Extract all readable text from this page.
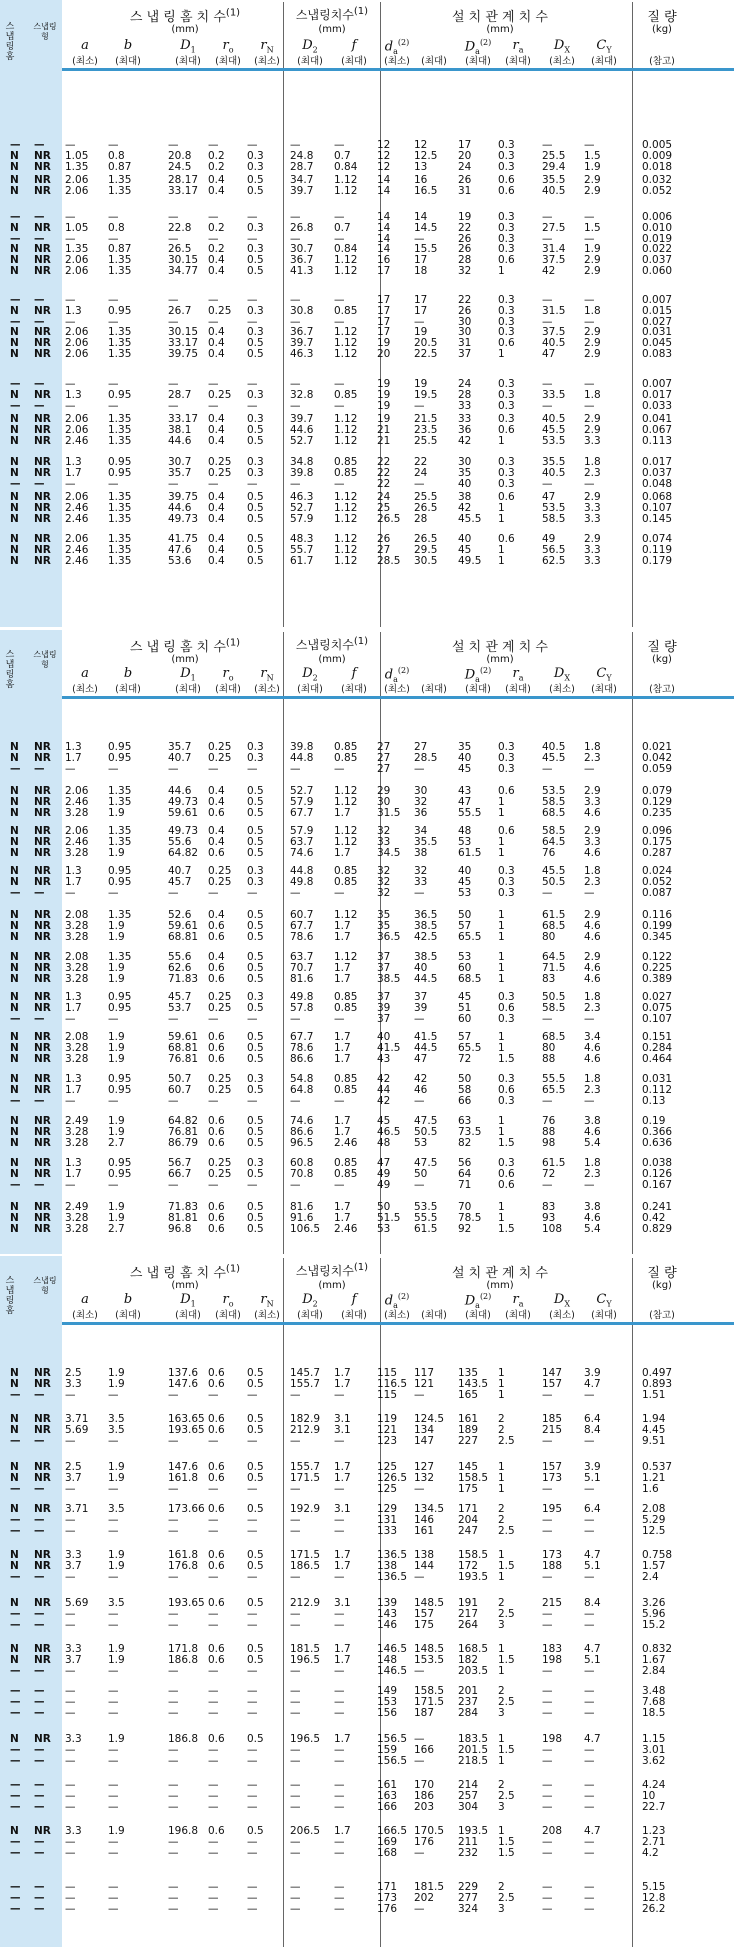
스냅링홈
스냅링형
스 냅 링 홈 치 수$^{(1)}$
(mm)
스냅링치수$^{(1)}$
(mm)
설 치 관 계 치 수
(mm)
질 량
(kg)
a
(최소)
b
(최대)
$D_1$
(최대)
$r_o$
(최대)
$r_N$
(최소)
$D_2$
(최대)
f
(최대)
$d_a^{(2)}$
(최소)	(최대)
$D_a^{(2)}$
(최대)
$r_a$
(최대)
$D_X$
(최소)
$C_Y$
(최대)	(참고)
— — —	—	—	—	—	—	—	12	12	17	0.3	—	—	0.005
N NR 1.05	0.8	20.8	0.2	0.3	24.8	0.7	12	12.5	20	0.3	25.5	1.5	0.009
N NR 1.35	0.87	24.5	0.2	0.3	28.7	0.84	12	13	24	0.3	29.4	1.9	0.018
N NR 2.06	1.35	28.17 0.4	0.5	34.7	1.12	14	16	26	0.6	35.5	2.9	0.032
N NR 2.06	1.35	33.17 0.4	0.5	39.7	1.12	14	16.5	31	0.6	40.5	2.9	0.052
— — —	—	—	—	—	—	—	14	14	19	0.3	—	—	0.006
N NR 1.05	0.8	22.8	0.2	0.3	26.8	0.7	14	14.5	22	0.3	27.5	1.5	0.010
— — —	—	—	—	—	—	—	14	—	26	0.3	—	—	0.019
N NR 1.35	0.87	26.5	0.2	0.3	30.7	0.84	14	15.5	26	0.3	31.4	1.9	0.022
N NR 2.06	1.35	30.15 0.4	0.5	36.7	1.12	16	17	28	0.6	37.5	2.9	0.037
N NR 2.06	1.35	34.77 0.4	0.5	41.3	1.12	17	18	32	1	42	2.9	0.060
— — —	—	—	—	—	—	—	17	17	22	0.3	—	—	0.007
N NR 1.3	0.95	26.7	0.25	0.3	30.8	0.85	17	17	26	0.3	31.5	1.8	0.015
— — —	—	—	—	—	—	—	17	—	30	0.3	—	—	0.027
N NR 2.06	1.35	30.15 0.4	0.3	36.7	1.12	17	19	30	0.3	37.5	2.9	0.031
N NR 2.06	1.35	33.17 0.4	0.5	39.7	1.12	19	20.5	31	0.6	40.5	2.9	0.045
N NR 2.06	1.35	39.75 0.4	0.5	46.3	1.12	20	22.5	37	1	47	2.9	0.083
— — —	—	—	—	—	—	—	19	19	24	0.3	—	—	0.007
N NR 1.3	0.95	28.7	0.25	0.3	32.8	0.85	19	19.5	28	0.3	33.5	1.8	0.017
— — —	—	—	—	—	—	—	19	—	33	0.3	—	—	0.033
N NR 2.06	1.35	33.17 0.4	0.3	39.7	1.12	19	21.5	33	0.3	40.5	2.9	0.041
N NR 2.06	1.35	38.1	0.4	0.5	44.6	1.12	21	23.5	36	0.6	45.5	2.9	0.067
N NR 2.46	1.35	44.6	0.4	0.5	52.7	1.12	21	25.5	42	1	53.5	3.3	0.113
N NR 1.3	0.95	30.7	0.25	0.3	34.8	0.85	22	22	30	0.3	35.5	1.8	0.017
N NR 1.7	0.95	35.7	0.25	0.3	39.8	0.85	22	24	35	0.3	40.5	2.3	0.037
— — —	—	—	—	—	—	—	22	—	40	0.3	—	—	0.048
N NR 2.06	1.35	39.75 0.4	0.5	46.3	1.12	24	25.5	38	0.6	47	2.9	0.068
N NR 2.46	1.35	44.6	0.4	0.5	52.7	1.12	25	26.5	42	1	53.5	3.3	0.107
N NR 2.46	1.35	49.73 0.4	0.5	57.9	1.12	26.5	28	45.5	1	58.5	3.3	0.145
N NR 2.06	1.35	41.75 0.4	0.5	48.3	1.12	26	26.5	40	0.6	49	2.9	0.074
N NR 2.46	1.35	47.6	0.4	0.5	55.7	1.12	27	29.5	45	1	56.5	3.3	0.119
N NR 2.46	1.35	53.6	0.4	0.5	61.7	1.12	28.5	30.5	49.5	1	62.5	3.3	0.179
스냅링홈
스냅링형
스 냅 링 홈 치 수$^{(1)}$
(mm)
스냅링치수$^{(1)}$
(mm)
설 치 관 계 치 수
(mm)
질 량
(kg)
a
(최소)
b
(최대)
$D_1$
(최대)
$r_o$
(최대)
$r_N$
(최소)
$D_2$
(최대)
f
(최대)
$d_a^{(2)}$
(최소)	(최대)
$D_a^{(2)}$
(최대)
$r_a$
(최대)
$D_X$
(최소)
$C_Y$
(최대)	(참고)
N NR 1.3	0.95	35.7	0.25	0.3	39.8	0.85	27	27	35	0.3	40.5	1.8	0.021
N NR 1.7	0.95	40.7	0.25	0.3	44.8	0.85	27	28.5	40	0.3	45.5	2.3	0.042
— — —	—	—	—	—	—	—	27	—	45	0.3	—	—	0.059
N NR 2.06	1.35	44.6	0.4	0.5	52.7	1.12	29	30	43	0.6	53.5	2.9	0.079
N NR 2.46	1.35	49.73 0.4	0.5	57.9	1.12	30	32	47	1	58.5	3.3	0.129
N NR 3.28	1.9	59.61 0.6	0.5	67.7	1.7	31.5	36	55.5	1	68.5	4.6	0.235
N NR 2.06	1.35	49.73 0.4	0.5	57.9	1.12	32	34	48	0.6	58.5	2.9	0.096
N NR 2.46	1.35	55.6	0.4	0.5	63.7	1.12	33	35.5	53	1	64.5	3.3	0.175
N NR 3.28	1.9	64.82 0.6	0.5	74.6	1.7	34.5	38	61.5	1	76	4.6	0.287
N NR 1.3	0.95	40.7	0.25	0.3	44.8	0.85	32	32	40	0.3	45.5	1.8	0.024
N NR 1.7	0.95	45.7	0.25	0.3	49.8	0.85	32	33	45	0.3	50.5	2.3	0.052
— — —	—	—	—	—	—	—	32	—	53	0.3	—	—	0.087
N NR 2.08	1.35	52.6	0.4	0.5	60.7	1.12	35	36.5	50	1	61.5	2.9	0.116
N NR 3.28	1.9	59.61 0.6	0.5	67.7	1.7	35	38.5	57	1	68.5	4.6	0.199
N NR 3.28	1.9	68.81 0.6	0.5	78.6	1.7	36.5	42.5	65.5	1	80	4.6	0.345
N NR 2.08	1.35	55.6	0.4	0.5	63.7	1.12	37	38.5	53	1	64.5	2.9	0.122
N NR 3.28	1.9	62.6	0.6	0.5	70.7	1.7	37	40	60	1	71.5	4.6	0.225
N NR 3.28	1.9	71.83 0.6	0.5	81.6	1.7	38.5	44.5	68.5	1	83	4.6	0.389
N NR 1.3	0.95	45.7	0.25	0.3	49.8	0.85	37	37	45	0.3	50.5	1.8	0.027
N NR 1.7	0.95	53.7	0.25	0.5	57.8	0.85	39	39	51	0.6	58.5	2.3	0.075
— — —	—	—	—	—	—	—	37	—	60	0.3	—	—	0.107
N NR 2.08	1.9	59.61 0.6	0.5	67.7	1.7	40	41.5	57	1	68.5	3.4	0.151
N NR 3.28	1.9	68.81 0.6	0.5	78.6	1.7	41.5	44.5	65.5	1	80	4.6	0.284
N NR 3.28	1.9	76.81 0.6	0.5	86.6	1.7	43	47	72	1.5	88	4.6	0.464
N NR 1.3	0.95	50.7	0.25	0.3	54.8	0.85	42	42	50	0.3	55.5	1.8	0.031
N NR 1.7	0.95	60.7	0.25	0.5	64.8	0.85	44	46	58	0.6	65.5	2.3	0.112
— — —	—	—	—	—	—	—	42	—	66	0.3	—	—	0.13
N NR 2.49	1.9	64.82 0.6	0.5	74.6	1.7	45	47.5	63	1	76	3.8	0.19
N NR 3.28	1.9	76.81 0.6	0.5	86.6	1.7	46.5	50.5	73.5	1	88	4.6	0.366
N NR 3.28	2.7	86.79 0.6	0.5	96.5	2.46	48	53	82	1.5	98	5.4	0.636
N NR 1.3	0.95	56.7	0.25	0.3	60.8	0.85	47	47.5	56	0.3	61.5	1.8	0.038
N NR 1.7	0.95	66.7	0.25	0.5	70.8	0.85	49	50	64	0.6	72	2.3	0.126
— — —	—	—	—	—	—	—	49	—	71	0.6	—	—	0.167
N NR 2.49	1.9	71.83 0.6	0.5	81.6	1.7	50	53.5	70	1	83	3.8	0.241
N NR 3.28	1.9	81.81 0.6	0.5	91.6	1.7	51.5	55.5	78.5	1	93	4.6	0.42
N NR 3.28	2.7	96.8	0.6	0.5	106.5	2.46	53	61.5	92	1.5	108	5.4	0.829
스냅링홈
스냅링형
스 냅 링 홈 치 수$^{(1)}$
(mm)
스냅링치수$^{(1)}$
(mm)
설 치 관 계 치 수
(mm)
질 량
(kg)
a
(최소)
b
(최대)
$D_1$
(최대)
$r_o$
(최대)
$r_N$
(최소)
$D_2$
(최대)
f
(최대)
$d_a^{(2)}$
(최소)	(최대)
$D_a^{(2)}$
(최대)
$r_a$
(최대)
$D_X$
(최소)
$C_Y$
(최대)	(참고)
N NR 2.5	1.9	137.6 0.6	0.5	145.7	1.7	115	117	135	1	147	3.9	0.497
N NR 3.3	1.9	147.6 0.6	0.5	155.7	1.7	116.5 121	143.5 1	157	4.7	0.893
— — —	—	—	—	—	—	—	115	—	165	1	—	—	1.51
N NR 3.71	3.5	163.65 0.6	0.5	182.9	3.1	119	124.5	161	2	185	6.4	1.94
N NR 5.69	3.5	193.65 0.6	0.5	212.9	3.1	121	134	189	2	215	8.4	4.45
— — —	—	—	—	—	—	—	123	147	227	2.5	—	—	9.51
N NR 2.5	1.9	147.6 0.6	0.5	155.7	1.7	125	127	145	1	157	3.9	0.537
N NR 3.7	1.9	161.8 0.6	0.5	171.5	1.7	126.5 132	158.5 1	173	5.1	1.21
— — —	—	—	—	—	—	—	125	—	175	1	—	—	1.6
N NR 3.71	3.5	173.66 0.6	0.5	192.9	3.1	129	134.5	171	2	195	6.4	2.08
— — —	—	—	—	—	—	—	131	146	204	2	—	—	5.29
— — —	—	—	—	—	—	—	133	161	247	2.5	—	—	12.5
N NR 3.3	1.9	161.8 0.6	0.5	171.5	1.7	136.5 138	158.5 1	173	4.7	0.758
N NR 3.7	1.9	176.8 0.6	0.5	186.5	1.7	138	144	172	1.5	188	5.1	1.57
— — —	—	—	—	—	—	—	136.5 —	193.5 1	—	—	2.4
N NR 5.69	3.5	193.65 0.6	0.5	212.9	3.1	139	148.5	191	2	215	8.4	3.26
— — —	—	—	—	—	—	—	143	157	217	2.5	—	—	5.96
— — —	—	—	—	—	—	—	146	175	264	3	—	—	15.2
N NR 3.3	1.9	171.8 0.6	0.5	181.5	1.7	146.5 148.5	168.5 1	183	4.7	0.832
N NR 3.7	1.9	186.8 0.6	0.5	196.5	1.7	148	153.5	182	1.5	198	5.1	1.67
— — —	—	—	—	—	—	—	146.5 —	203.5 1	—	—	2.84
— — —	—	—	—	—	—	—	149	158.5	201	2	—	—	3.48
— — —	—	—	—	—	—	—	153	171.5	237	2.5	—	—	7.68
— — —	—	—	—	—	—	—	156	187	284	3	—	—	18.5
N NR 3.3	1.9	186.8 0.6	0.5	196.5	1.7	156.5 —	183.5 1	198	4.7	1.15
— — —	—	—	—	—	—	—	159	166	201.5 1.5	—	—	3.01
— — —	—	—	—	—	—	—	156.5 —	218.5 1	—	—	3.62
— — —	—	—	—	—	—	—	161	170	214	2	—	—	4.24
— — —	—	—	—	—	—	—	163	186	257	2.5	—	—	10
— — —	—	—	—	—	—	—	166	203	304	3	—	—	22.7
N NR 3.3	1.9	196.8 0.6	0.5	206.5	1.7	166.5 170.5	193.5 1	208	4.7	1.23
— — —	—	—	—	—	—	—	169	176	211	1.5	—	—	2.71
— — —	—	—	—	—	—	—	168	—	232	1.5	—	—	4.2
— — —	—	—	—	—	—	—	171	181.5	229	2	—	—	5.15
— — —	—	—	—	—	—	—	173	202	277	2.5	—	—	12.8
— — —	—	—	—	—	—	—	176	—	324	3	—	—	26.2
